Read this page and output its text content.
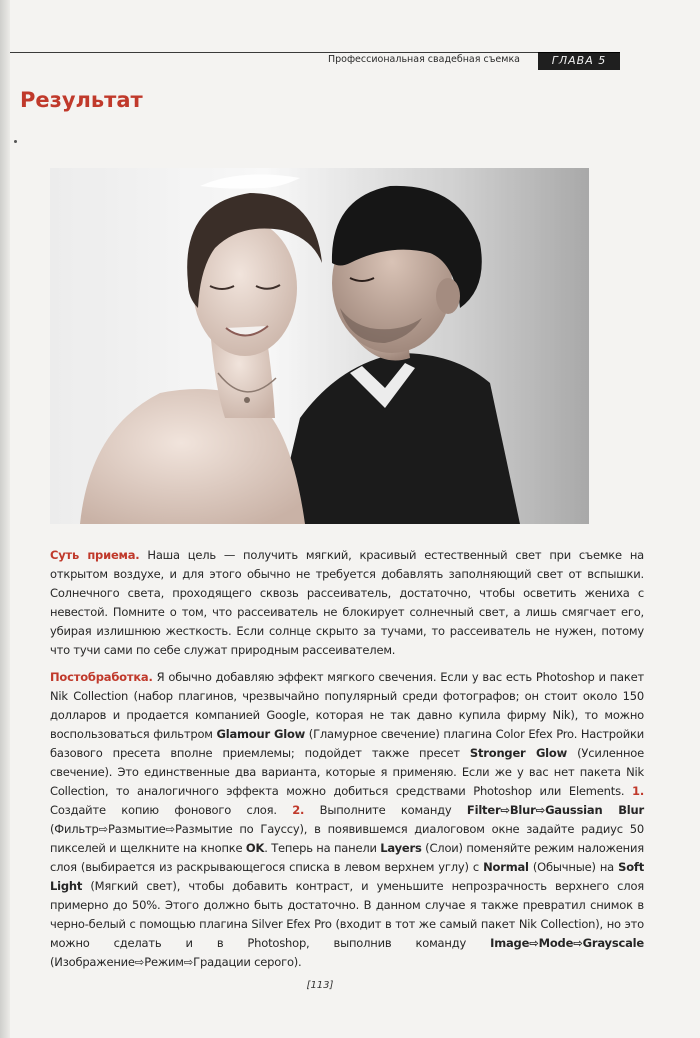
Профессиональная свадебная съемка	ГЛАВА 5
Результат

Суть приема. Наша цель — получить мягкий, красивый естественный свет при съемке на открытом воздухе, и для этого обычно не требуется добавлять заполняющий свет от вспышки. Солнечного света, проходящего сквозь рассеиватель, достаточно, чтобы осветить жениха с невестой. Помните о том, что рассеиватель не блокирует солнечный свет, а лишь смягчает его, убирая излишнюю жесткость. Если солнце скрыто за тучами, то рассеиватель не нужен, потому что тучи сами по себе служат природным рассеивателем.

Постобработка. Я обычно добавляю эффект мягкого свечения. Если у вас есть Photoshop и пакет Nik Collection (набор плагинов, чрезвычайно популярный среди фотографов; он стоит около 150 долларов и продается компанией Google, которая не так давно купила фирму Nik), то можно воспользоваться фильтром Glamour Glow (Гламурное свечение) плагина Color Efex Pro. Настройки базового пресета вполне приемлемы; подойдет также пресет Stronger Glow (Усиленное свечение). Это единственные два варианта, которые я применяю. Если же у вас нет пакета Nik Collection, то аналогичного эффекта можно добиться средствами Photoshop или Elements. 1. Создайте копию фонового слоя. 2. Выполните команду Filter⇨Blur⇨Gaussian Blur (Фильтр⇨Размытие⇨Размытие по Гауссу), в появившемся диалоговом окне задайте радиус 50 пикселей и щелкните на кнопке OK. Теперь на панели Layers (Слои) поменяйте режим наложения слоя (выбирается из раскрывающегося списка в левом верхнем углу) с Normal (Обычные) на Soft Light (Мягкий свет), чтобы добавить контраст, и уменьшите непрозрачность верхнего слоя примерно до 50%. Этого должно быть достаточно. В данном случае я также превратил снимок в черно-белый с помощью плагина Silver Efex Pro (входит в тот же самый пакет Nik Collection), но это можно сделать и в Photoshop, выполнив команду Image⇨Mode⇨Grayscale (Изображение⇨Режим⇨Градации серого).

[113]
